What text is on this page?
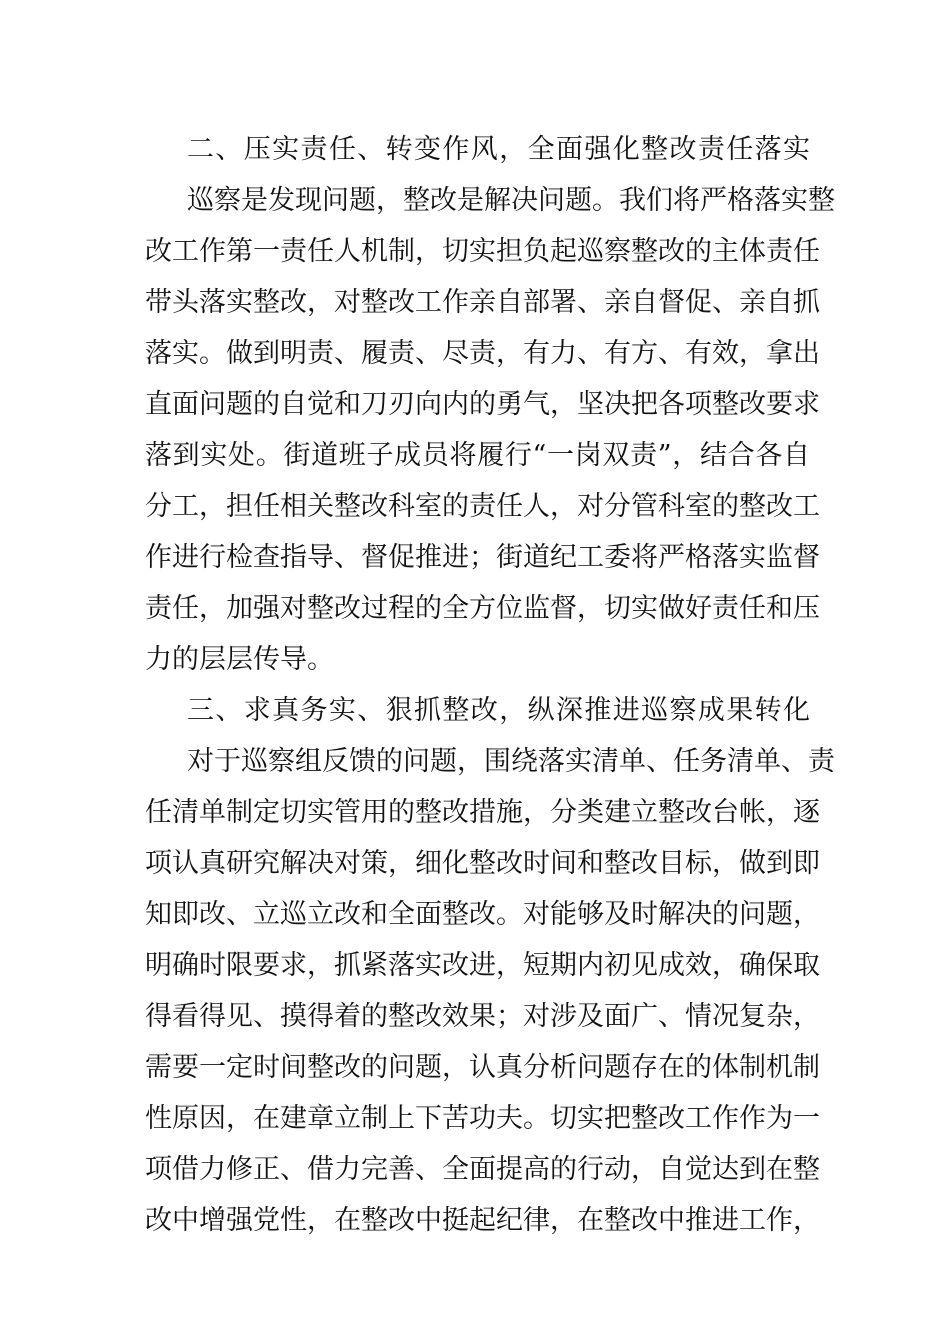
二、压实责任、转变作风，全面强化整改责任落实
巡察是发现问题，整改是解决问题。我们将严格落实整
改工作第一责任人机制，切实担负起巡察整改的主体责任
带头落实整改，对整改工作亲自部署、亲自督促、亲自抓
落实。做到明责、履责、尽责，有力、有方、有效，拿出
直面问题的自觉和刀刃向内的勇气，坚决把各项整改要求
落到实处。街道班子成员将履行“一岗双责”，结合各自
分工，担任相关整改科室的责任人，对分管科室的整改工
作进行检查指导、督促推进；街道纪工委将严格落实监督
责任，加强对整改过程的全方位监督，切实做好责任和压
力的层层传导。
三、求真务实、狠抓整改，纵深推进巡察成果转化
对于巡察组反馈的问题，围绕落实清单、任务清单、责
任清单制定切实管用的整改措施，分类建立整改台帐，逐
项认真研究解决对策，细化整改时间和整改目标，做到即
知即改、立巡立改和全面整改。对能够及时解决的问题，
明确时限要求，抓紧落实改进，短期内初见成效，确保取
得看得见、摸得着的整改效果；对涉及面广、情况复杂，
需要一定时间整改的问题，认真分析问题存在的体制机制
性原因，在建章立制上下苦功夫。切实把整改工作作为一
项借力修正、借力完善、全面提高的行动，自觉达到在整
改中增强党性，在整改中挺起纪律，在整改中推进工作，
